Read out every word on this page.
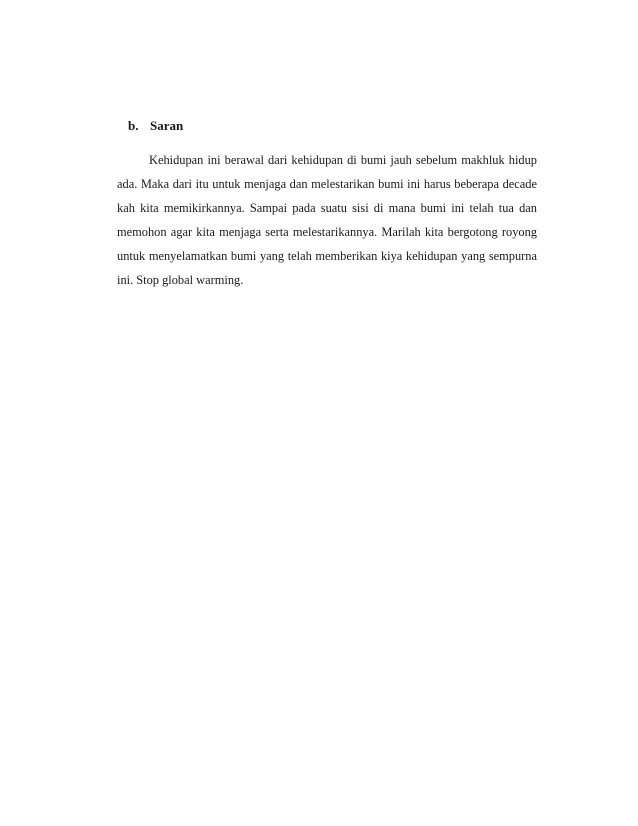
b. Saran
Kehidupan ini berawal dari kehidupan di bumi jauh sebelum makhluk hidup
ada. Maka dari itu untuk menjaga dan melestarikan bumi ini harus beberapa decade
kah kita memikirkannya. Sampai pada suatu sisi di mana bumi ini telah tua dan
memohon agar kita menjaga serta melestarikannya. Marilah kita bergotong royong
untuk menyelamatkan bumi yang telah memberikan kiya kehidupan yang sempurna
ini. Stop global warming.
